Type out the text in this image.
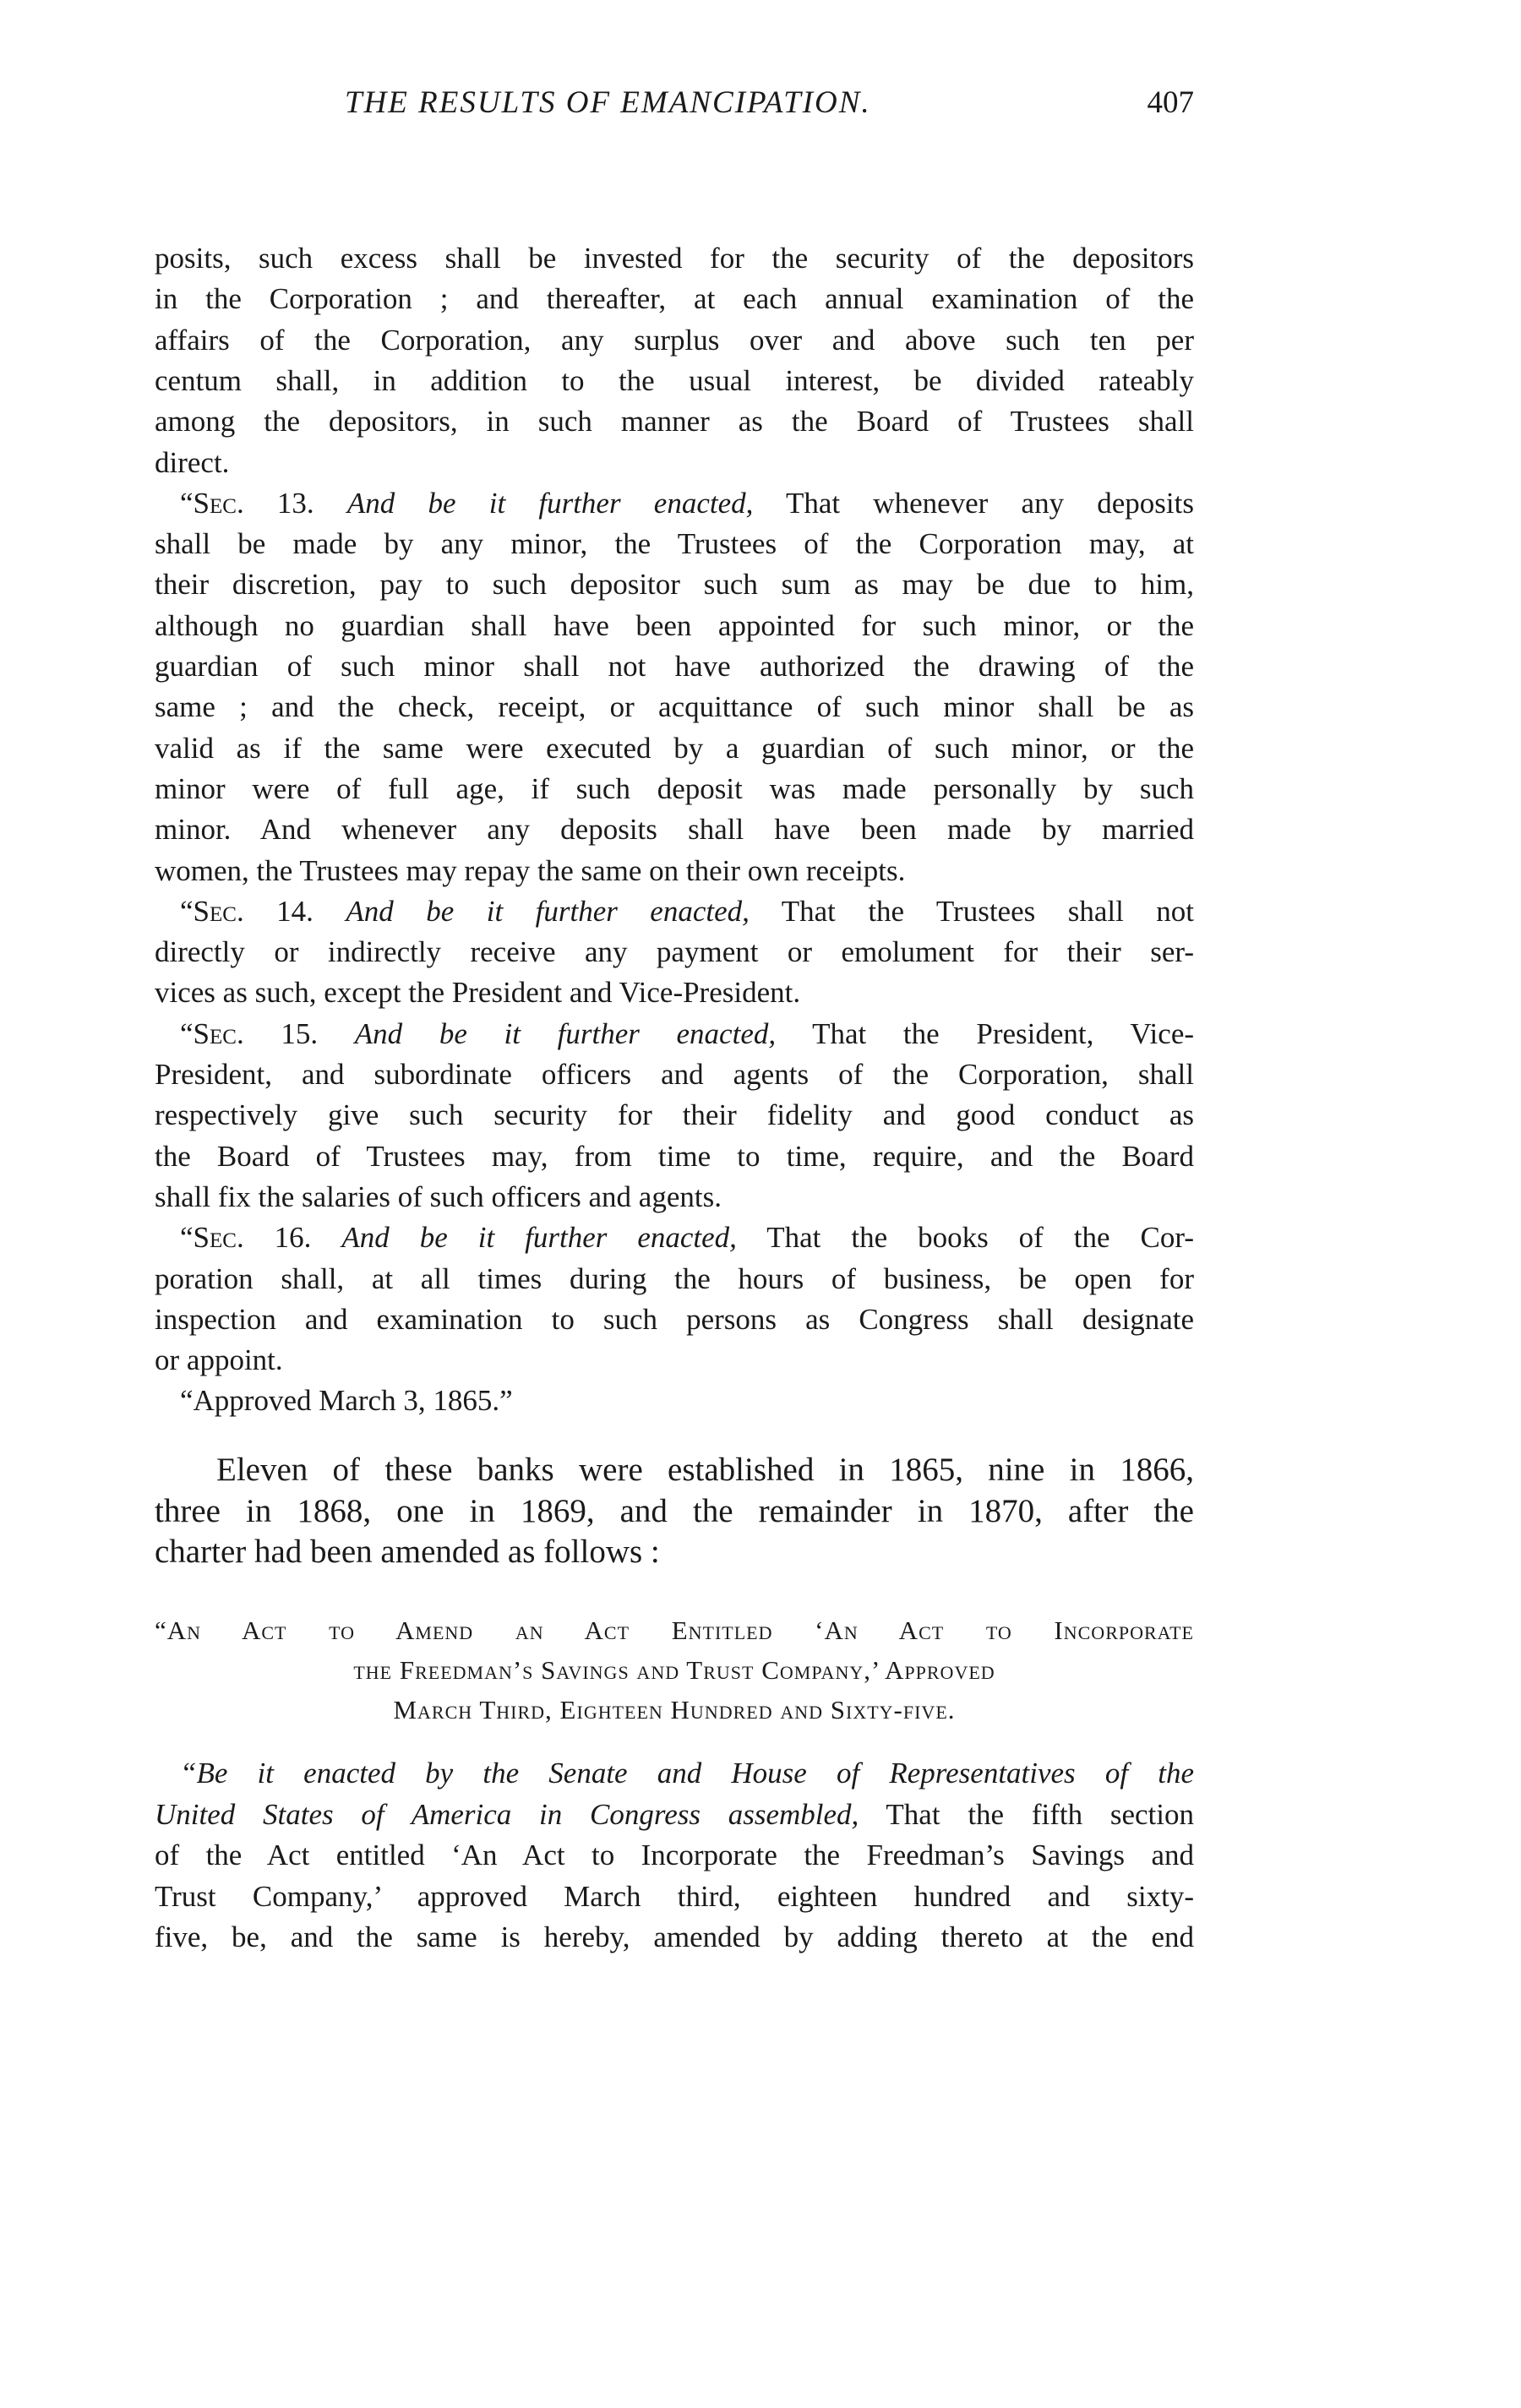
THE RESULTS OF EMANCIPATION.	407
posits, such excess shall be invested for the security of the depositors
in the Corporation ; and thereafter, at each annual examination of the
affairs of the Corporation, any surplus over and above such ten per
centum shall, in addition to the usual interest, be divided rateably
among the depositors, in such manner as the Board of Trustees shall
direct.
“Sec. 13. And be it further enacted, That whenever any deposits
shall be made by any minor, the Trustees of the Corporation may, at
their discretion, pay to such depositor such sum as may be due to him,
although no guardian shall have been appointed for such minor, or the
guardian of such minor shall not have authorized the drawing of the
same ; and the check, receipt, or acquittance of such minor shall be as
valid as if the same were executed by a guardian of such minor, or the
minor were of full age, if such deposit was made personally by such
minor. And whenever any deposits shall have been made by married
women, the Trustees may repay the same on their own receipts.
“Sec. 14. And be it further enacted, That the Trustees shall not
directly or indirectly receive any payment or emolument for their ser-
vices as such, except the President and Vice-President.
“Sec. 15. And be it further enacted, That the President, Vice-
President, and subordinate officers and agents of the Corporation, shall
respectively give such security for their fidelity and good conduct as
the Board of Trustees may, from time to time, require, and the Board
shall fix the salaries of such officers and agents.
“Sec. 16. And be it further enacted, That the books of the Cor-
poration shall, at all times during the hours of business, be open for
inspection and examination to such persons as Congress shall designate
or appoint.
“Approved March 3, 1865.”
Eleven of these banks were established in 1865, nine in 1866,
three in 1868, one in 1869, and the remainder in 1870, after the
charter had been amended as follows :
“An Act to Amend an Act Entitled ‘An Act to Incorporate
the Freedman’s Savings and Trust Company,’ Approved
March Third, Eighteen Hundred and Sixty-five.
“Be it enacted by the Senate and House of Representatives of the
United States of America in Congress assembled, That the fifth section
of the Act entitled ‘An Act to Incorporate the Freedman’s Savings and
Trust Company,’ approved March third, eighteen hundred and sixty-
five, be, and the same is hereby, amended by adding thereto at the end
